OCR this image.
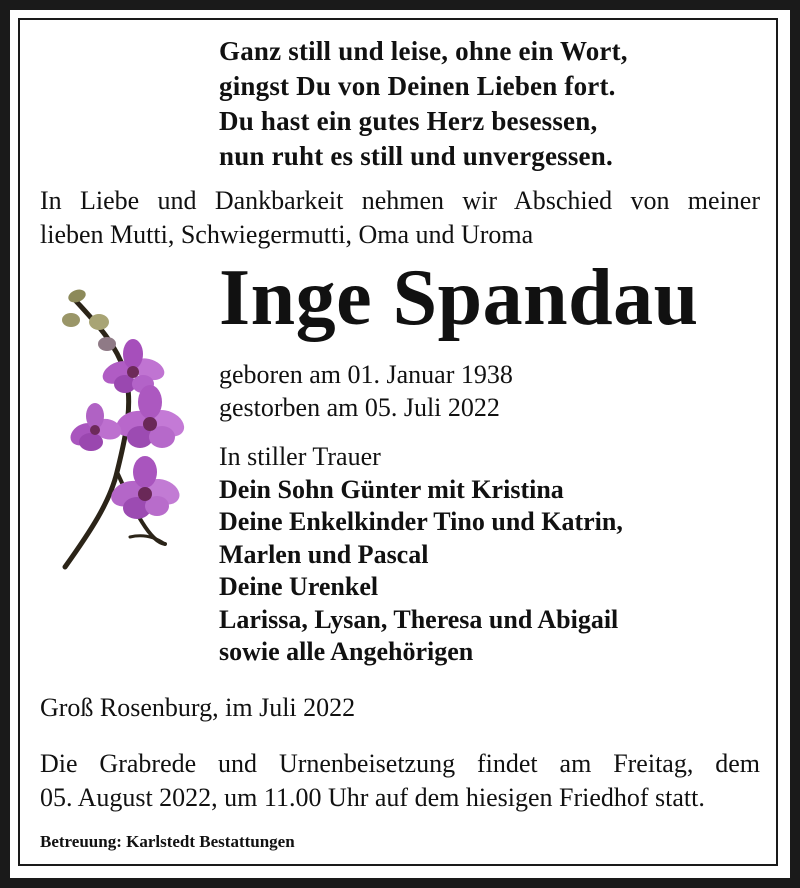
Ganz still und leise, ohne ein Wort,
gingst Du von Deinen Lieben fort.
Du hast ein gutes Herz besessen,
nun ruht es still und unvergessen.
In Liebe und Dankbarkeit nehmen wir Abschied von meiner
lieben Mutti, Schwiegermutti, Oma und Uroma
Inge Spandau
geboren am 01. Januar 1938
gestorben am 05. Juli 2022
In stiller Trauer
Dein Sohn Günter mit Kristina
Deine Enkelkinder Tino und Katrin,
Marlen und Pascal
Deine Urenkel
Larissa, Lysan, Theresa und Abigail
sowie alle Angehörigen
Groß Rosenburg, im Juli 2022
Die Grabrede und Urnenbeisetzung findet am Freitag, dem
05. August 2022, um 11.00 Uhr auf dem hiesigen Friedhof statt.
Betreuung: Karlstedt Bestattungen
